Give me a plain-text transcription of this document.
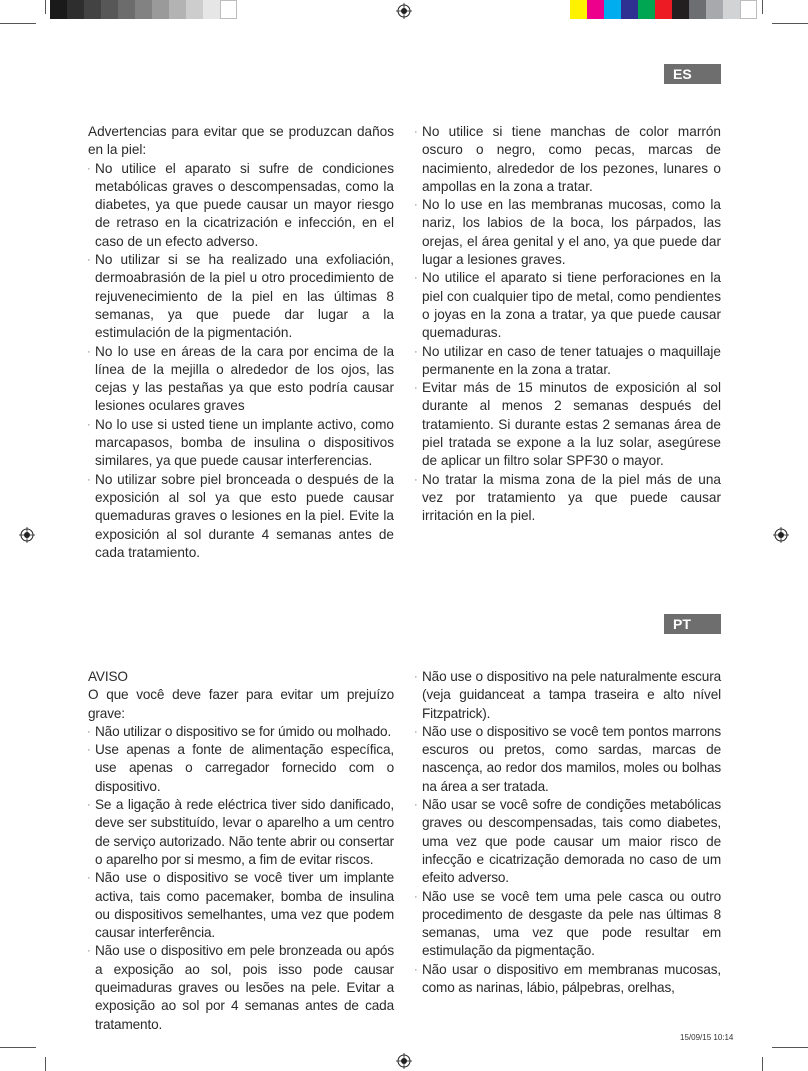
ES

Advertencias para evitar que se produzcan daños en la piel:

· No utilice el aparato si sufre de condiciones metabólicas graves o descompensadas, como la diabetes, ya que puede causar un mayor riesgo de retraso en la cicatrización e infección, en el caso de un efecto adverso.
· No utilizar si se ha realizado una exfoliación, dermoabrasión de la piel u otro procedimiento de rejuvenecimiento de la piel en las últimas 8 semanas, ya que puede dar lugar a la estimulación de la pigmentación.
· No lo use en áreas de la cara por encima de la línea de la mejilla o alrededor de los ojos, las cejas y las pestañas ya que esto podría causar lesiones oculares graves
· No lo use si usted tiene un implante activo, como marcapasos, bomba de insulina o dispositivos similares, ya que puede causar interferencias.
· No utilizar sobre piel bronceada o después de la exposición al sol ya que esto puede causar quemaduras graves o lesiones en la piel. Evite la exposición al sol durante 4 semanas antes de cada tratamiento.
· No utilice si tiene manchas de color marrón oscuro o negro, como pecas, marcas de nacimiento, alrededor de los pezones, lunares o ampollas en la zona a tratar.
· No lo use en las membranas mucosas, como la nariz, los labios de la boca, los párpados, las orejas, el área genital y el ano, ya que puede dar lugar a lesiones graves.
· No utilice el aparato si tiene perforaciones en la piel con cualquier tipo de metal, como pendientes o joyas en la zona a tratar, ya que puede causar quemaduras.
· No utilizar en caso de tener tatuajes o maquillaje permanente en la zona a tratar.
· Evitar más de 15 minutos de exposición al sol durante al menos 2 semanas después del tratamiento. Si durante estas 2 semanas área de piel tratada se expone a la luz solar, asegúrese de aplicar un filtro solar SPF30 o mayor.
· No tratar la misma zona de la piel más de una vez por tratamiento ya que puede causar irritación en la piel.
PT

AVISO

O que você deve fazer para evitar um prejuízo grave:

· Não utilizar o dispositivo se for úmido ou molhado.
· Use apenas a fonte de alimentação específica, use apenas o carregador fornecido com o dispositivo.
· Se a ligação à rede eléctrica tiver sido danificado, deve ser substituído, levar o aparelho a um centro de serviço autorizado. Não tente abrir ou consertar o aparelho por si mesmo, a fim de evitar riscos.
· Não use o dispositivo se você tiver um implante activa, tais como pacemaker, bomba de insulina ou dispositivos semelhantes, uma vez que podem causar interferência.
· Não use o dispositivo em pele bronzeada ou após a exposição ao sol, pois isso pode causar queimaduras graves ou lesões na pele. Evitar a exposição ao sol por 4 semanas antes de cada tratamento.
· Não use o dispositivo na pele naturalmente escura (veja guidanceat a tampa traseira e alto nível Fitzpatrick).
· Não use o dispositivo se você tem pontos marrons escuros ou pretos, como sardas, marcas de nascença, ao redor dos mamilos, moles ou bolhas na área a ser tratada.
· Não usar se você sofre de condições metabólicas graves ou descompensadas, tais como diabetes, uma vez que pode causar um maior risco de infecção e cicatrização demorada no caso de um efeito adverso.
· Não use se você tem uma pele casca ou outro procedimento de desgaste da pele nas últimas 8 semanas, uma vez que pode resultar em estimulação da pigmentação.
· Não usar o dispositivo em membranas mucosas, como as narinas, lábio, pálpebras, orelhas,
15/09/15 10:14
